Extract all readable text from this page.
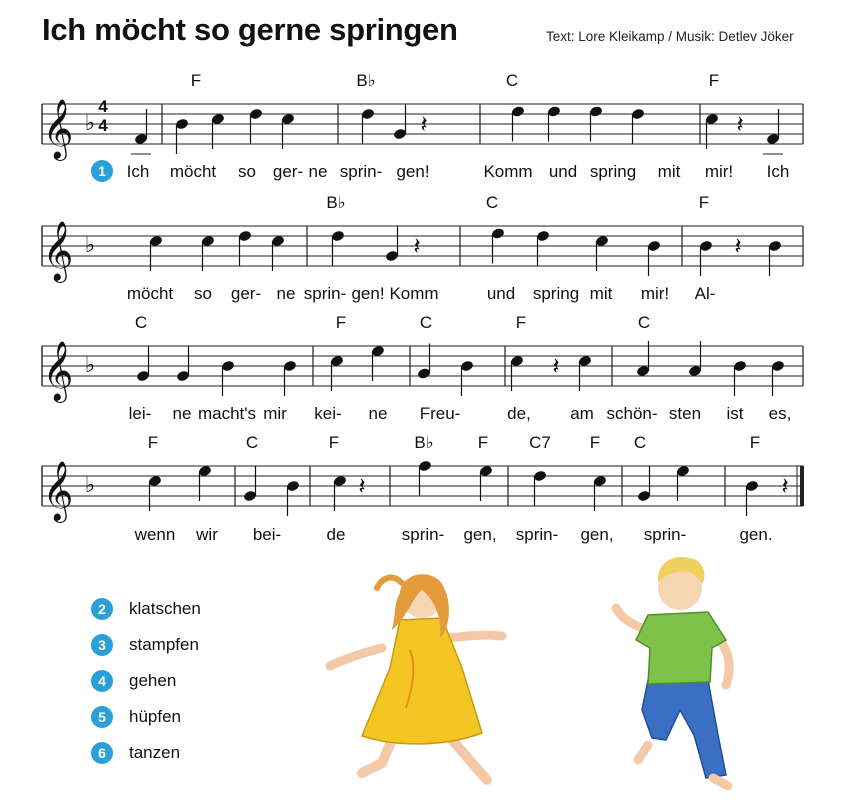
Ich möcht so gerne springen	Text: Lore Kleikamp / Musik: Detlev Jöker
𝄞 ♭	𝄽	𝄽
F	B♭	C	F
Ich möcht so ger- ne sprin- gen!	Komm und spring mit mir! Ich
𝄞 ♭	𝄽	𝄽
B♭	C	F
möcht so ger- ne sprin- gen! Komm	und spring mit mir! Al-
𝄞 ♭	𝄽
C	F	C	F	C
lei- ne macht's mir kei- ne Freu-	de, am schön- sten ist es,
𝄞 ♭	𝄽	𝄽
F	C	F	B♭	F C7 F C	F
wenn wir bei-	de	sprin- gen, sprin- gen, sprin-	gen.
4
4
1
2	klatschen
3	stampfen
4	gehen
5	hüpfen
6	tanzen
